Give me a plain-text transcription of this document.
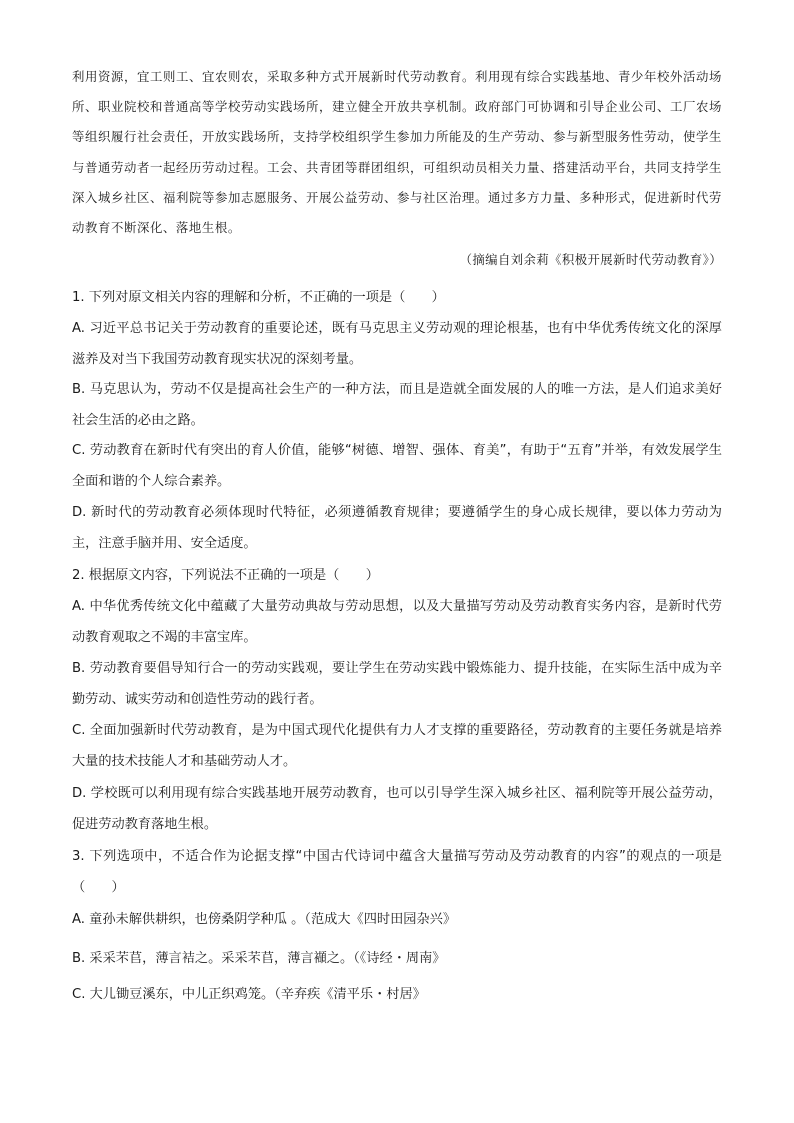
利用资源，宜工则工、宜农则农，采取多种方式开展新时代劳动教育。利用现有综合实践基地、青少年校外活动场所、职业院校和普通高等学校劳动实践场所，建立健全开放共享机制。政府部门可协调和引导企业公司、工厂农场等组织履行社会责任，开放实践场所，支持学校组织学生参加力所能及的生产劳动、参与新型服务性劳动，使学生与普通劳动者一起经历劳动过程。工会、共青团等群团组织，可组织动员相关力量、搭建活动平台，共同支持学生深入城乡社区、福利院等参加志愿服务、开展公益劳动、参与社区治理。通过多方力量、多种形式，促进新时代劳动教育不断深化、落地生根。
（摘编自刘余莉《积极开展新时代劳动教育》）
1. 下列对原文相关内容的理解和分析，不正确的一项是（　　）
A. 习近平总书记关于劳动教育的重要论述，既有马克思主义劳动观的理论根基，也有中华优秀传统文化的深厚滋养及对当下我国劳动教育现实状况的深刻考量。
B. 马克思认为，劳动不仅是提高社会生产的一种方法，而且是造就全面发展的人的唯一方法，是人们追求美好社会生活的必由之路。
C. 劳动教育在新时代有突出的育人价值，能够“树德、增智、强体、育美”，有助于“五育”并举，有效发展学生全面和谐的个人综合素养。
D. 新时代的劳动教育必须体现时代特征，必须遵循教育规律；要遵循学生的身心成长规律，要以体力劳动为主，注意手脑并用、安全适度。
2. 根据原文内容，下列说法不正确的一项是（　　）
A. 中华优秀传统文化中蕴藏了大量劳动典故与劳动思想，以及大量描写劳动及劳动教育实务内容，是新时代劳动教育观取之不竭的丰富宝库。
B. 劳动教育要倡导知行合一的劳动实践观，要让学生在劳动实践中锻炼能力、提升技能，在实际生活中成为辛勤劳动、诚实劳动和创造性劳动的践行者。
C. 全面加强新时代劳动教育，是为中国式现代化提供有力人才支撑的重要路径，劳动教育的主要任务就是培养大量的技术技能人才和基础劳动人才。
D. 学校既可以利用现有综合实践基地开展劳动教育，也可以引导学生深入城乡社区、福利院等开展公益劳动，促进劳动教育落地生根。
3. 下列选项中，不适合作为论据支撑“中国古代诗词中蕴含大量描写劳动及劳动教育的内容”的观点的一项是（　　）
A. 童孙未解供耕织，也傍桑阴学种瓜 。（范成大《四时田园杂兴》
B. 采采芣苢，薄言袺之。采采芣苢，薄言襭之。（《诗经・周南》
C. 大儿锄豆溪东，中儿正织鸡笼。（辛弃疾《清平乐・村居》
